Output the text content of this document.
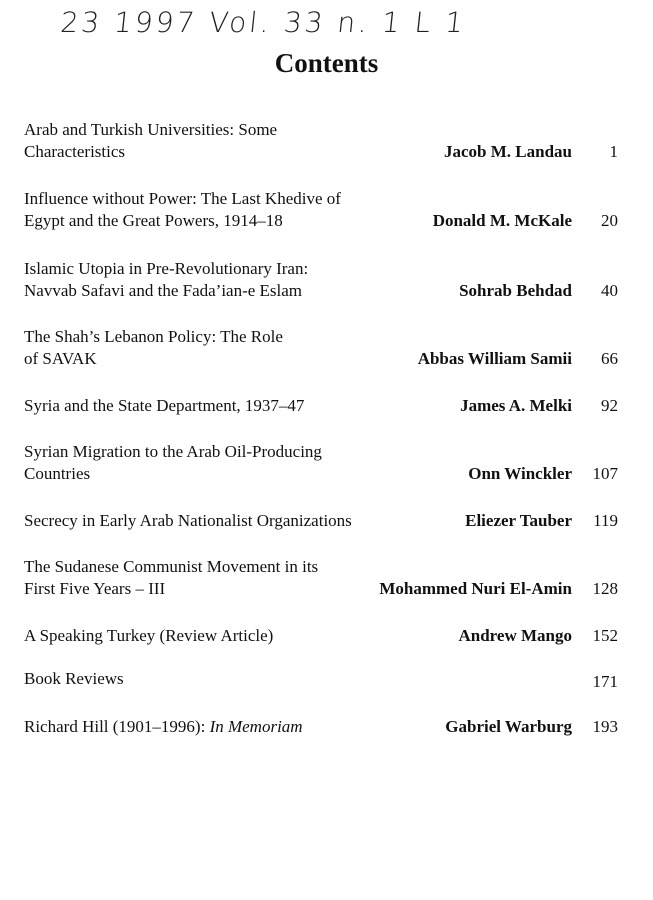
23 1997 Vol. 33 n. 1 L 1
Contents
Arab and Turkish Universities: Some
Characteristics	Jacob M. Landau	1
Influence without Power: The Last Khedive of
Egypt and the Great Powers, 1914–18	Donald M. McKale	20
Islamic Utopia in Pre-Revolutionary Iran:
Navvab Safavi and the Fada’ian-e Eslam	Sohrab Behdad	40
The Shah’s Lebanon Policy: The Role
of SAVAK	Abbas William Samii	66
Syria and the State Department, 1937–47	James A. Melki	92
Syrian Migration to the Arab Oil-Producing
Countries	Onn Winckler	107
Secrecy in Early Arab Nationalist Organizations	Eliezer Tauber	119
The Sudanese Communist Movement in its
First Five Years – III	Mohammed Nuri El-Amin	128
A Speaking Turkey (Review Article)	Andrew Mango	152
Book Reviews	171
Richard Hill (1901–1996): In Memoriam	Gabriel Warburg	193
